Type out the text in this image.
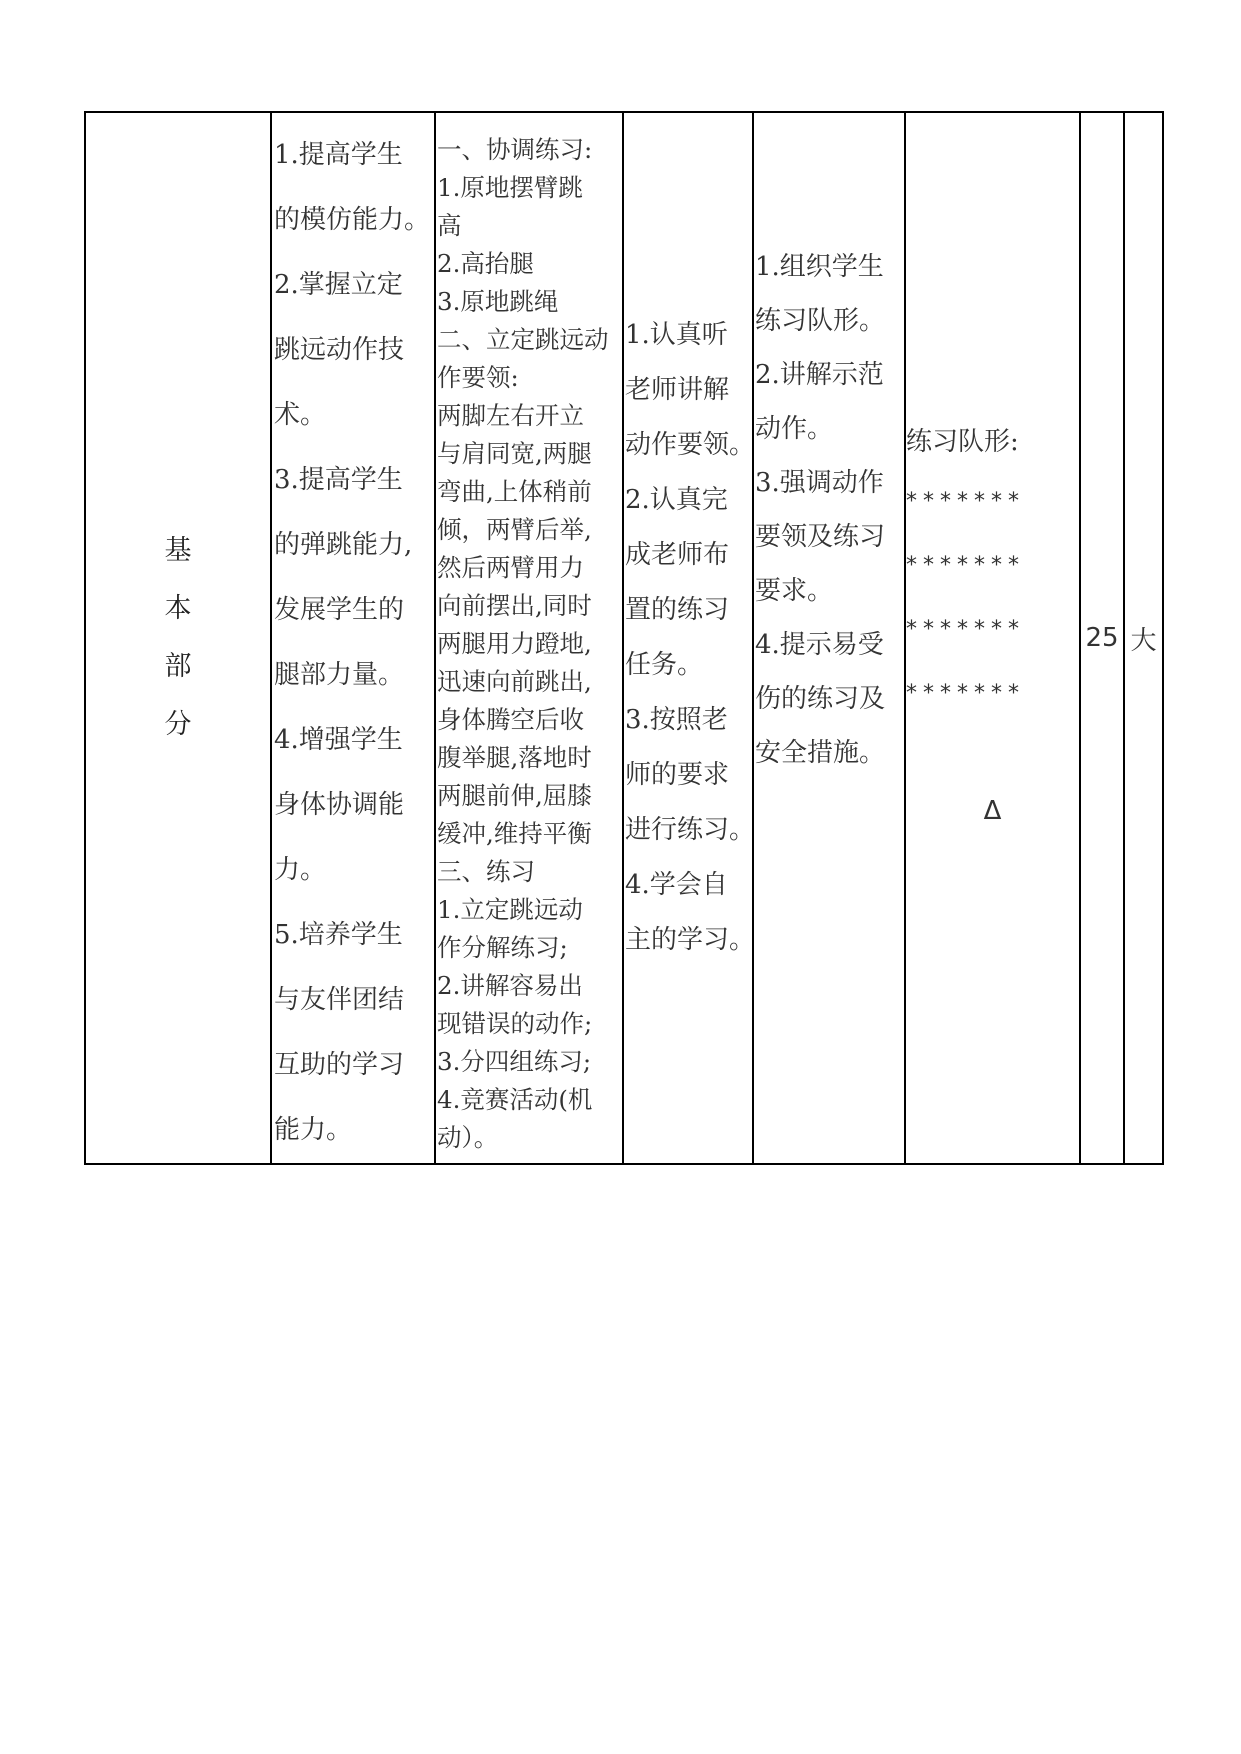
基
本
部
分

1.提高学生
的模仿能力。
2.掌握立定
跳远动作技
术。
3.提高学生
的弹跳能力,
发展学生的
腿部力量。
4.增强学生
身体协调能
力。
5.培养学生
与友伴团结
互助的学习
能力。

一、协调练习:
1.原地摆臂跳
高
2.高抬腿
3.原地跳绳
二、立定跳远动
作要领:
两脚左右开立
与肩同宽,两腿
弯曲,上体稍前
倾，两臂后举,
然后两臂用力
向前摆出,同时
两腿用力蹬地,
迅速向前跳出,
身体腾空后收
腹举腿,落地时
两腿前伸,屈膝
缓冲,维持平衡
三、练习
1.立定跳远动
作分解练习;
2.讲解容易出
现错误的动作;
3.分四组练习;
4.竞赛活动(机
动）。

1.认真听
老师讲解
动作要领。
2.认真完
成老师布
置的练习
任务。
3.按照老
师的要求
进行练习。
4.学会自
主的学习。

1.组织学生
练习队形。
2.讲解示范
动作。
3.强调动作
要领及练习
要求。
4.提示易受
伤的练习及
安全措施。

练习队形:
*******
*******
*******
*******
Δ
	25	大
